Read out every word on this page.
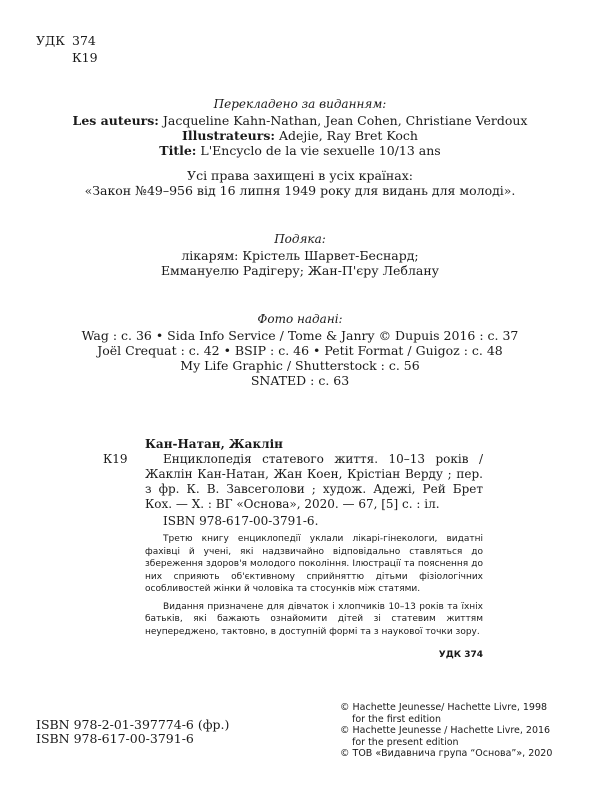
УДК 374
К19
Перекладено за виданням:
Les auteurs: Jacqueline Kahn-Nathan, Jean Cohen, Christiane Verdoux
Illustrateurs: Adejie, Ray Bret Koch
Title: L'Encyclo de la vie sexuelle 10/13 ans
Усі права захищені в усіх країнах:
«Закон №49–956 від 16 липня 1949 року для видань для молоді».
Подяка:
лікарям: Крістель Шарвет-Беснард;
Еммануелю Радігеру; Жан-П'єру Леблану
Фото надані:
Wag : c. 36 • Sida Info Service / Tome & Janry © Dupuis 2016 : c. 37
Joël Crequat : c. 42 • BSIP : c. 46 • Petit Format / Guigoz : c. 48
My Life Graphic / Shutterstock : c. 56
SNATED : c. 63
Кан-Натан, Жаклін
К19	Енциклопедія статевого життя. 10–13 років / Жаклін Кан-Натан, Жан Коен, Крістіан Верду ; пер. з фр. К. В. Завсеголови ; худож. Адежі, Рей Брет Кох. — Х. : ВГ «Основа», 2020. — 67, [5] с. : іл.
ISBN 978-617-00-3791-6.

Третю книгу енциклопедії уклали лікарі-гінекологи, видатні фахівці й учені, які надзвичайно відповідально ставляться до збереження здоров'я молодого покоління. Ілюстрації та пояснення до них сприяють об'єктивному сприйняттю дітьми фізіологічних особливостей жінки й чоловіка та стосунків між статями.

Видання призначене для дівчаток і хлопчиків 10–13 років та їхніх батьків, які бажають ознайомити дітей зі статевим життям неупереджено, тактовно, в доступній формі та з наукової точки зору.

УДК 374
ISBN 978-2-01-397774-6 (фр.)
ISBN 978-617-00-3791-6
© Hachette Jeunesse/ Hachette Livre, 1998
for the first edition
© Hachette Jeunesse / Hachette Livre, 2016
for the present edition
© ТОВ «Видавнича група “Основа”», 2020
